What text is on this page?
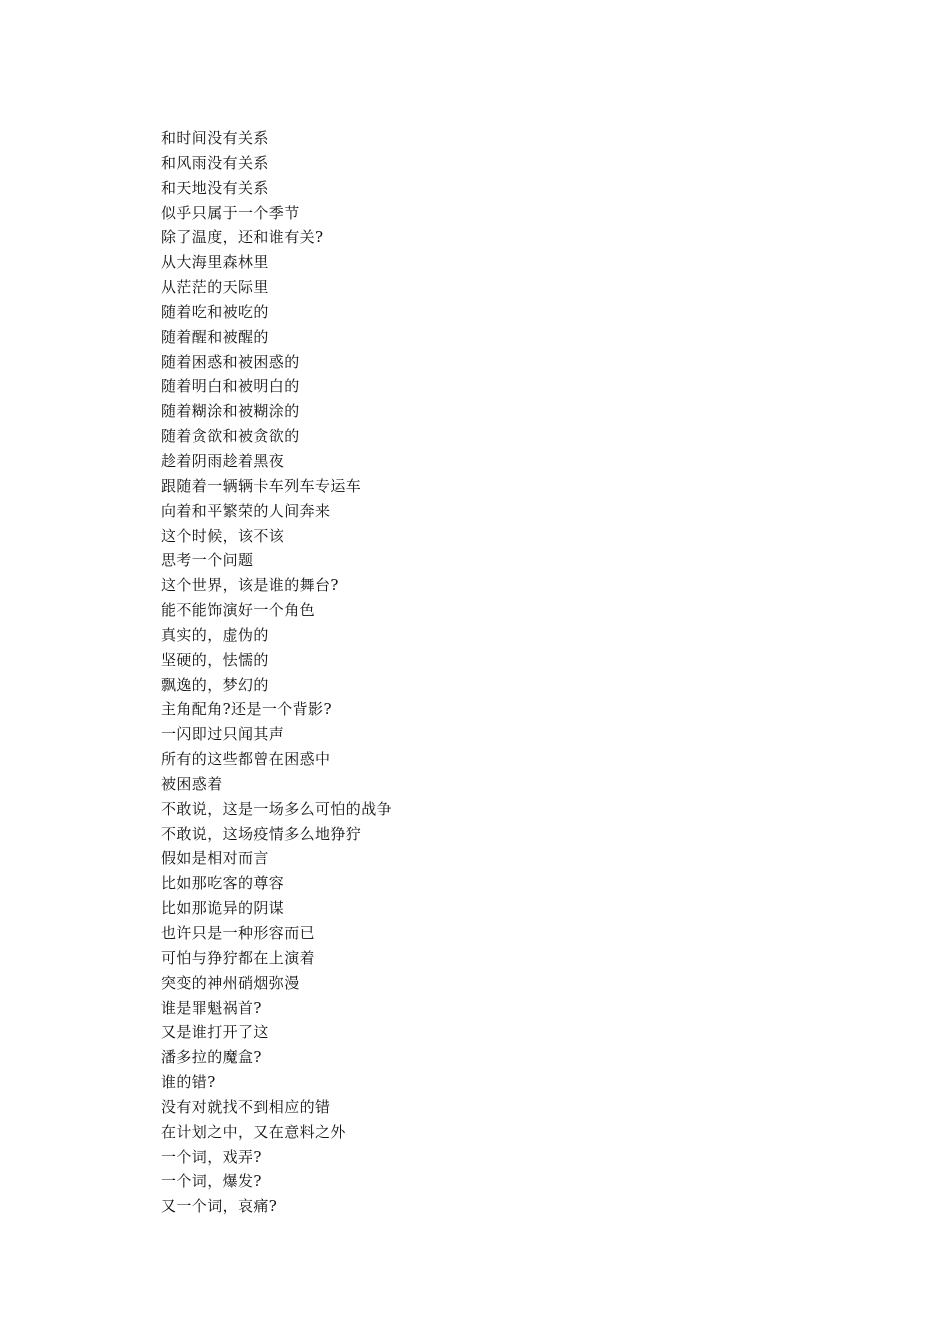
和时间没有关系
和风雨没有关系
和天地没有关系
似乎只属于一个季节
除了温度，还和谁有关?
从大海里森林里
从茫茫的天际里
随着吃和被吃的
随着醒和被醒的
随着困惑和被困惑的
随着明白和被明白的
随着糊涂和被糊涂的
随着贪欲和被贪欲的
趁着阴雨趁着黑夜
跟随着一辆辆卡车列车专运车
向着和平繁荣的人间奔来
这个时候，该不该
思考一个问题
这个世界，该是谁的舞台?
能不能饰演好一个角色
真实的，虚伪的
坚硬的，怯懦的
飘逸的，梦幻的
主角配角?还是一个背影?
一闪即过只闻其声
所有的这些都曾在困惑中
被困惑着
不敢说，这是一场多么可怕的战争
不敢说，这场疫情多么地狰狞
假如是相对而言
比如那吃客的尊容
比如那诡异的阴谋
也许只是一种形容而已
可怕与狰狞都在上演着
突变的神州硝烟弥漫
谁是罪魁祸首?
又是谁打开了这
潘多拉的魔盒?
谁的错?
没有对就找不到相应的错
在计划之中，又在意料之外
一个词，戏弄?
一个词，爆发?
又一个词，哀痛?
